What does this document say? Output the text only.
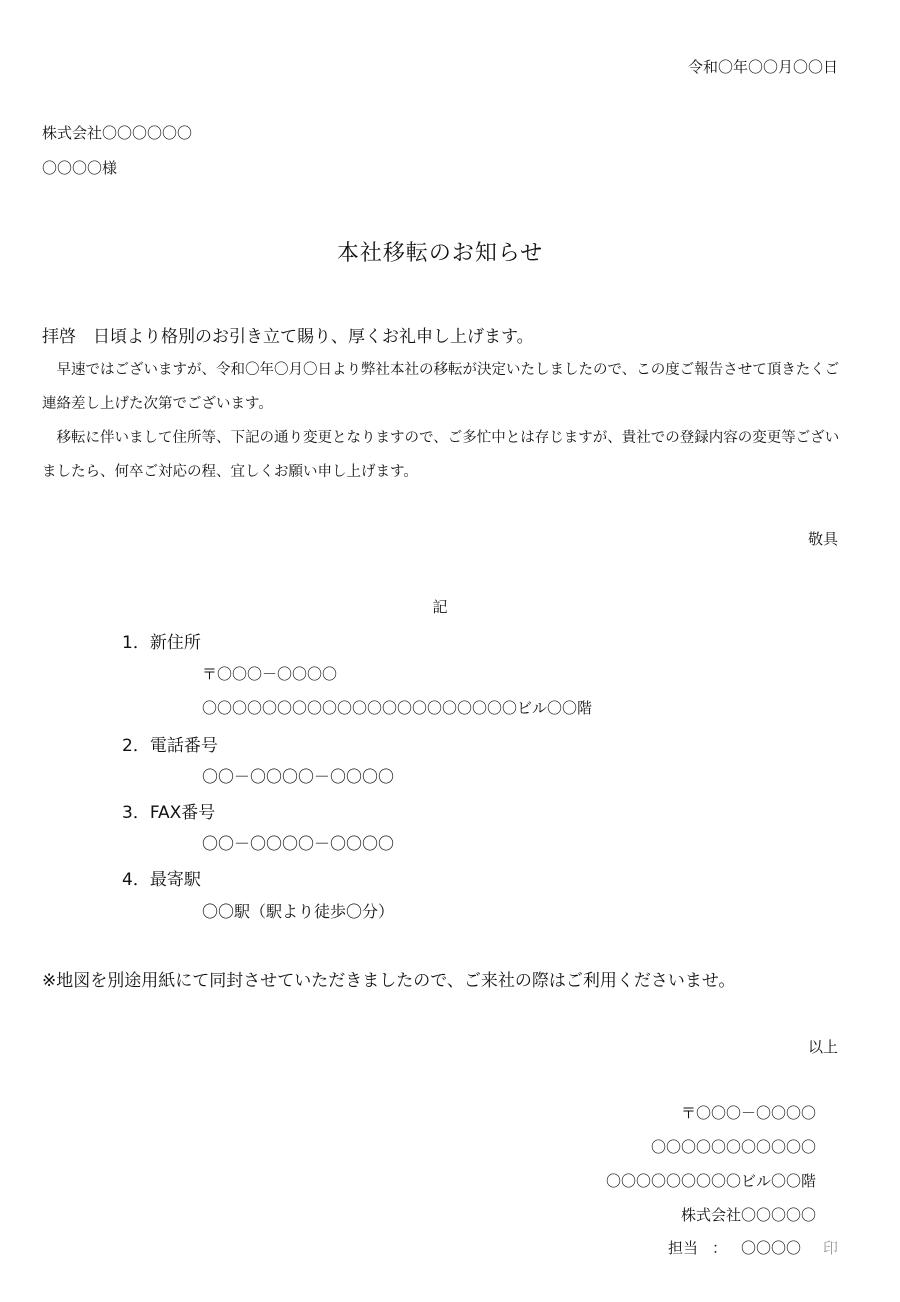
令和〇年〇〇月〇〇日
株式会社〇〇〇〇〇〇
〇〇〇〇様
本社移転のお知らせ
拝啓　日頃より格別のお引き立て賜り、厚くお礼申し上げます。
早速ではございますが、令和〇年〇月〇日より弊社本社の移転が決定いたしましたので、この度ご報告させて頂きたくご連絡差し上げた次第でございます。
移転に伴いまして住所等、下記の通り変更となりますので、ご多忙中とは存じますが、貴社での登録内容の変更等ございましたら、何卒ご対応の程、宜しくお願い申し上げます。
敬具
記
1．新住所
〒〇〇〇－〇〇〇〇
〇〇〇〇〇〇〇〇〇〇〇〇〇〇〇〇〇〇〇〇〇ビル〇〇階
2．電話番号
〇〇－〇〇〇〇－〇〇〇〇
3．FAX番号
〇〇－〇〇〇〇－〇〇〇〇
4．最寄駅
〇〇駅（駅より徒歩〇分）
※地図を別途用紙にて同封させていただきましたので、ご来社の際はご利用くださいませ。
以上
〒〇〇〇－〇〇〇〇
〇〇〇〇〇〇〇〇〇〇〇
〇〇〇〇〇〇〇〇〇ビル〇〇階
株式会社〇〇〇〇〇
担当 ： 〇〇〇〇 印
